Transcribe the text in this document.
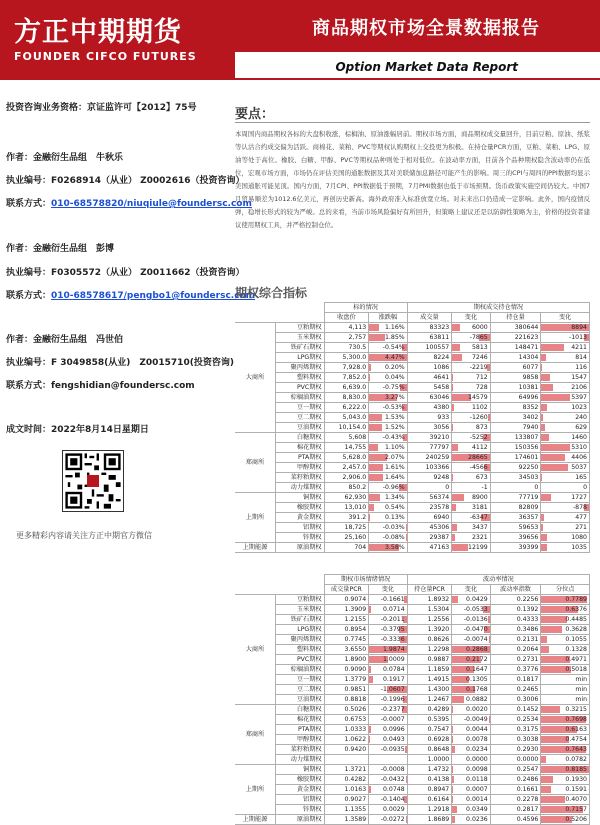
方正中期期货
FOUNDER CIFCO FUTURES
商品期权市场全景数据报告
Option Market Data Report
投资咨询业务资格：京证监许可【2012】75号
作者：金融衍生品组　牛秋乐
执业编号：F0268914（从业） Z0002616（投资咨询）
联系方式：010-68578820/niuqiule@foundersc.com
作者：金融衍生品组　彭博
执业编号：F0305572（从业） Z0011662（投资咨询）
联系方式：010-68578617/pengbo1@foundersc.com
作者：金融衍生品组　冯世伯
执业编号：F 3049858(从业)　Z0015710(投资咨询)
联系方式：fengshidian@foundersc.com
成文时间：2022年8月14日星期日
更多精彩内容请关注方正中期官方微信
要点：
本周国内商品期权各标的大盘积收涨，棕榈油、原油涨幅居前。期权市场方面，商品期权成交量回升，目前豆粕、原油、纸浆等认沽合约成交偏为活跃。商棉花、菜粕、PVC等期权认购期权上交投更为积极。在持仓量PCR方面，豆粕、菜粕、LPG、原油等处于高位。橡胶、白糖、甲醇、PVC等期权品种则处于相对低位。在波动率方面，目前各个品种期权隐含波动率仍在低位，宏观市场方面，市场仍在评估美国的通胀数据及其对美联储加息路径可能产生的影响。周三的CPI与周四的PPI数据均显示美国通胀可能见顶。国内方面，7月CPI、PPI数据低于预期，7月PMI数据也低于市场预期。货币政策实施空间仍较大。中国7月贸易顺差为1012.6亿美元，再创历史新高。海外政府准入标准放宽立场。对未来出口仍造成一定影响。此外，国内疫情反弹，稳增长形式的较为严峻。总的来看，当前市场风险偏好有所回升，但策略上建议还是以防御性策略为主，价格的投资者建议使用期权工具，并严格控制仓位。
期权综合指标
		标的情况		期权成交持仓情况			
		收盘价	涨跌幅	成交量	变化	持仓量	变化
大商所	豆粕期权	4,113	1.16%	83323	6000	380644	8894
	玉米期权	2,757	1.85%	63811	-7865	221623	-1013
	铁矿石期权	730.5	-0.54%	100557	5813	148471	4211
	LPG期权	5,300.0	4.47%	8224	7246	14304	814
	聚丙烯期权	7,928.0	0.20%	1086	-2219	6077	116
	塑料期权	7,852.0	0.04%	4641	712	9858	1547
	PVC期权	6,639.0	-0.75%	5458	728	10381	2106
	棕榈油期权	8,830.0	3.27%	63046	14579	64996	5397
	豆一期权	6,222.0	-0.53%	4380	1102	8352	1023
	豆二期权	5,043.0	1.53%	933	-1260	3402	240
	豆油期权	10,154.0	1.52%	3056	873	7940	629
郑商所	白糖期权	5,608	-0.43%	39210	-5252	133807	1460
	棉花期权	14,755	1.10%	77797	4112	150356	5310
	PTA期权	5,628.0	2.07%	240259	28665	174601	4406
	甲醇期权	2,457.0	1.61%	103366	-4566	92250	5037
	菜籽粕期权	2,906.0	1.64%	9248	673	34503	165
	动力煤期权	850.2	-0.96%	0	-1	0	0
上期所	铜期权	62,930	1.34%	56374	8900	77719	1727
	橡胶期权	13,010	0.54%	23578	3181	82809	-878
	黄金期权	391.2	0.13%	6940	-6347	36357	477
	铝期权	18,725	-0.03%	45306	3437	59653	271
	锌期权	25,160	-0.08%	29387	2321	39656	1080
上期能源	原油期权	704	3.58%	47163	12199	39399	1035
		期权市场情绪情况		波动率情况			
		成交量PCR	变化	持仓量PCR	变化	波动率指数	分位点
大商所	豆粕期权	0.9074	-0.1661	1.8932	0.0429	0.2256	0.7789
	玉米期权	1.3909	0.0714	1.5304	-0.0533	0.1392	0.6376
	铁矿石期权	1.2155	-0.2011	1.2556	-0.0136	0.4333	0.4485
	LPG期权	0.8954	-0.3795	1.3920	-0.0470	0.3486	0.3628
	聚丙烯期权	0.7745	-0.3336	0.8626	-0.0074	0.2131	0.1055
	塑料期权	3.6550	1.9874	1.2298	0.2868	0.2064	0.1328
	PVC期权	1.8900	1.0009	0.9887	0.2172	0.2731	0.4971
	棕榈油期权	0.9090	0.0784	1.1859	0.1647	0.3776	0.5018
	豆一期权	1.3779	0.1917	1.4915	0.1305	0.1817	min
	豆二期权	0.9851	-1.0607	1.4300	0.1768	0.2465	min
	豆油期权	0.8818	-0.1996	1.2467	0.0882	0.3006	min
郑商所	白糖期权	0.5026	-0.2377	0.4289	0.0020	0.1452	0.3215
	棉花期权	0.6753	-0.0007	0.5395	-0.0049	0.2534	0.7698
	PTA期权	1.0333	0.0996	0.7547	0.0044	0.3175	0.6163
	甲醇期权	1.0622	0.0493	0.6928	0.0078	0.3038	0.4754
	菜籽粕期权	0.9420	-0.0935	0.8648	0.0234	0.2930	0.7643
	动力煤期权			1.0000	0.0000	0.0000	0.0782
上期所	铜期权	1.3721	-0.0008	1.4732	0.0098	0.2547	0.8185
	橡胶期权	0.4282	-0.0432	0.4138	0.0118	0.2486	0.1930
	黄金期权	1.0163	0.0748	0.8947	0.0007	0.1661	0.1591
	铝期权	0.9027	-0.1404	0.6164	0.0014	0.2278	0.4070
	锌期权	1.1355	0.0029	1.2918	0.0349	0.2817	0.7157
上期能源	原油期权	1.3589	-0.0272	1.8689	0.0236	0.4596	0.5206
